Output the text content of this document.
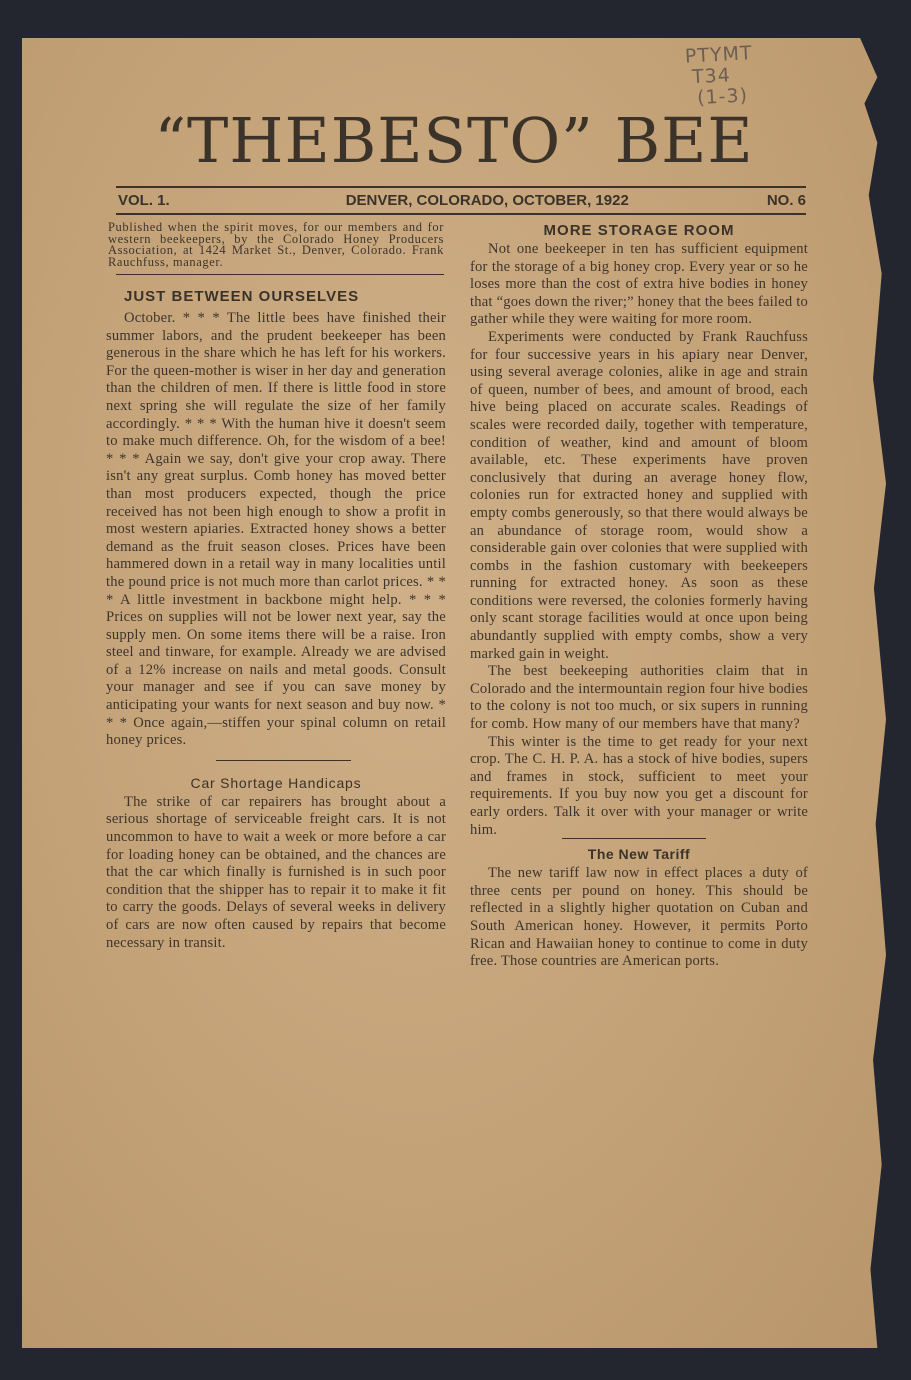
PTYMT
T34
(1-3)
“THEBESTO” BEE
VOL. 1.	DENVER, COLORADO, OCTOBER, 1922	NO. 6
Published when the spirit moves, for our members and for western beekeepers, by the Colorado Honey Producers Association, at 1424 Market St., Denver, Colorado. Frank Rauchfuss, manager.
JUST BETWEEN OURSELVES

October. * * * The little bees have finished their summer labors, and the prudent beekeeper has been generous in the share which he has left for his workers. For the queen-mother is wiser in her day and generation than the children of men. If there is little food in store next spring she will regulate the size of her family accordingly. * * * With the human hive it doesn't seem to make much difference. Oh, for the wisdom of a bee! * * * Again we say, don't give your crop away. There isn't any great surplus. Comb honey has moved better than most producers expected, though the price received has not been high enough to show a profit in most western apiaries. Extracted honey shows a better demand as the fruit season closes. Prices have been hammered down in a retail way in many localities until the pound price is not much more than carlot prices. * * * A little investment in backbone might help. * * * Prices on supplies will not be lower next year, say the supply men. On some items there will be a raise. Iron steel and tinware, for example. Already we are advised of a 12% increase on nails and metal goods. Consult your manager and see if you can save money by anticipating your wants for next season and buy now. * * * Once again,—stiffen your spinal column on retail honey prices.

Car Shortage Handicaps

The strike of car repairers has brought about a serious shortage of serviceable freight cars. It is not uncommon to have to wait a week or more before a car for loading honey can be obtained, and the chances are that the car which finally is furnished is in such poor condition that the shipper has to repair it to make it fit to carry the goods. Delays of several weeks in delivery of cars are now often caused by repairs that become necessary in transit.

MORE STORAGE ROOM

Not one beekeeper in ten has sufficient equipment for the storage of a big honey crop. Every year or so he loses more than the cost of extra hive bodies in honey that “goes down the river;” honey that the bees failed to gather while they were waiting for more room.

Experiments were conducted by Frank Rauchfuss for four successive years in his apiary near Denver, using several average colonies, alike in age and strain of queen, number of bees, and amount of brood, each hive being placed on accurate scales. Readings of scales were recorded daily, together with temperature, condition of weather, kind and amount of bloom available, etc. These experiments have proven conclusively that during an average honey flow, colonies run for extracted honey and supplied with empty combs generously, so that there would always be an abundance of storage room, would show a considerable gain over colonies that were supplied with combs in the fashion customary with beekeepers running for extracted honey. As soon as these conditions were reversed, the colonies formerly having only scant storage facilities would at once upon being abundantly supplied with empty combs, show a very marked gain in weight.

The best beekeeping authorities claim that in Colorado and the intermountain region four hive bodies to the colony is not too much, or six supers in running for comb. How many of our members have that many?

This winter is the time to get ready for your next crop. The C. H. P. A. has a stock of hive bodies, supers and frames in stock, sufficient to meet your requirements. If you buy now you get a discount for early orders. Talk it over with your manager or write him.

The New Tariff

The new tariff law now in effect places a duty of three cents per pound on honey. This should be reflected in a slightly higher quotation on Cuban and South American honey. However, it permits Porto Rican and Hawaiian honey to continue to come in duty free. Those countries are American ports.
